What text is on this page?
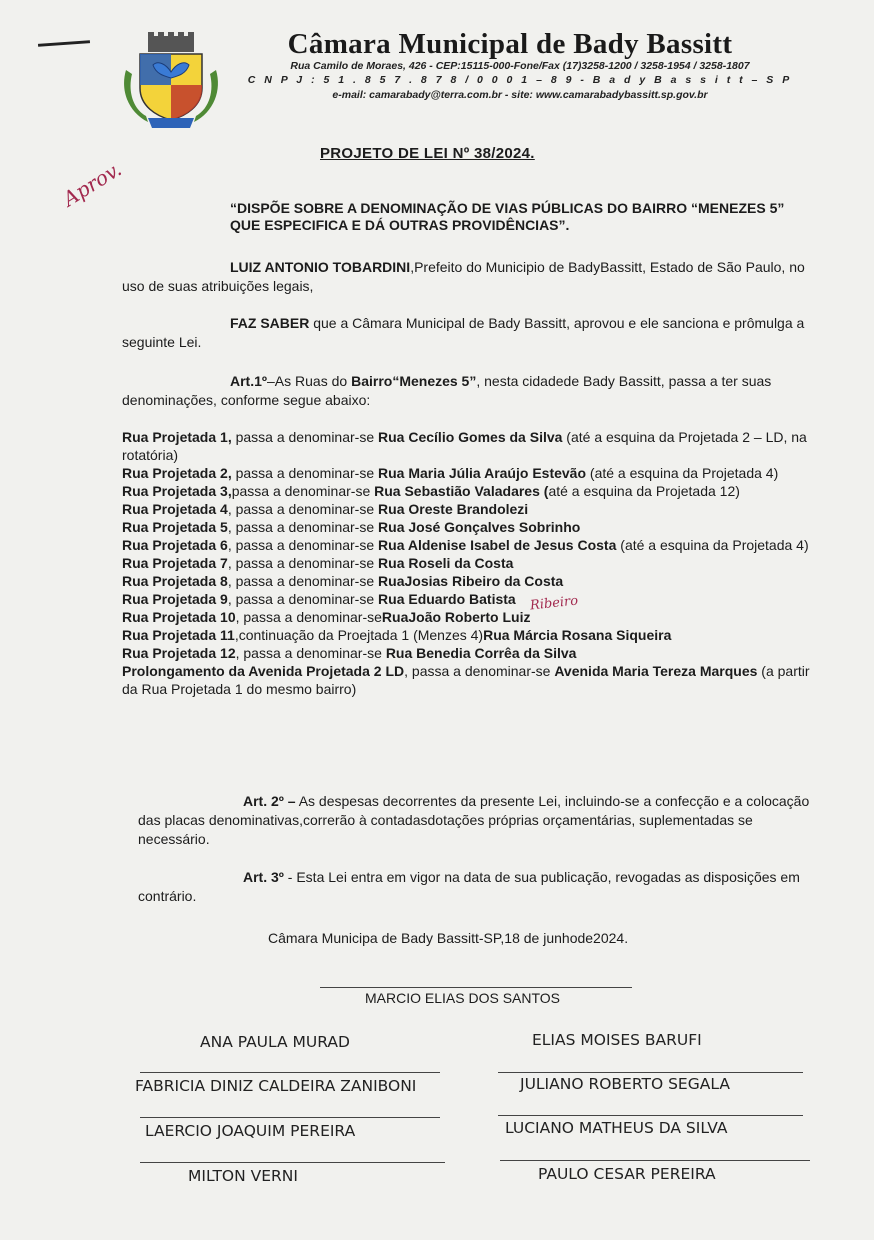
Câmara Municipal de Bady Bassitt
Rua Camilo de Moraes, 426 - CEP:15115-000-Fone/Fax (17)3258-1200 / 3258-1954 / 3258-1807
C N P J : 5 1 . 8 5 7 . 8 7 8 / 0 0 0 1 – 8 9 - B a d y B a s s i t t – S P
e-mail: camarabady@terra.com.br - site: www.camarabadybassitt.sp.gov.br
Aprov.
PROJETO DE LEI Nº 38/2024.
“DISPÕE SOBRE A DENOMINAÇÃO DE VIAS PÚBLICAS DO BAIRRO “MENEZES 5” QUE ESPECIFICA E DÁ OUTRAS PROVIDÊNCIAS”.
LUIZ ANTONIO TOBARDINI,Prefeito do Municipio de BadyBassitt, Estado de São Paulo, no uso de suas atribuições legais,
FAZ SABER que a Câmara Municipal de Bady Bassitt, aprovou e ele sanciona e prômulga a seguinte Lei.
Art.1º–As Ruas do Bairro“Menezes 5”, nesta cidadede Bady Bassitt, passa a ter suas denominações, conforme segue abaixo:

Rua Projetada 1, passa a denominar-se Rua Cecílio Gomes da Silva (até a esquina da Projetada 2 – LD, na rotatória)

Rua Projetada 2, passa a denominar-se Rua Maria Júlia Araújo Estevão (até a esquina da Projetada 4)

Rua Projetada 3,passa a denominar-se Rua Sebastião Valadares (até a esquina da Projetada 12)

Rua Projetada 4, passa a denominar-se Rua Oreste Brandolezi

Rua Projetada 5, passa a denominar-se Rua José Gonçalves Sobrinho

Rua Projetada 6, passa a denominar-se Rua Aldenise Isabel de Jesus Costa (até a esquina da Projetada 4)

Rua Projetada 7, passa a denominar-se Rua Roseli da Costa

Rua Projetada 8, passa a denominar-se RuaJosias Ribeiro da Costa

Rua Projetada 9, passa a denominar-se Rua Eduardo Batista

Rua Projetada 10, passa a denominar-seRuaJoão Roberto Luiz

Rua Projetada 11,continuação da Proejtada 1 (Menzes 4)Rua Márcia Rosana Siqueira

Rua Projetada 12, passa a denominar-se Rua Benedia Corrêa da Silva

Prolongamento da Avenida Projetada 2 LD, passa a denominar-se Avenida Maria Tereza Marques (a partir da Rua Projetada 1 do mesmo bairro)

Ribeiro
Art. 2º – As despesas decorrentes da presente Lei, incluindo-se a confecção e a colocação das placas denominativas,correrão à contadasdotações próprias orçamentárias, suplementadas se necessário.
Art. 3º - Esta Lei entra em vigor na data de sua publicação, revogadas as disposições em contrário.
Câmara Municipa de Bady Bassitt-SP,18 de junhode2024.
MARCIO ELIAS DOS SANTOS
ANA PAULA MURAD	ELIAS MOISES BARUFI
FABRICIA DINIZ CALDEIRA ZANIBONI	JULIANO ROBERTO SEGALA
LAERCIO JOAQUIM PEREIRA	LUCIANO MATHEUS DA SILVA
MILTON VERNI	PAULO CESAR PEREIRA
